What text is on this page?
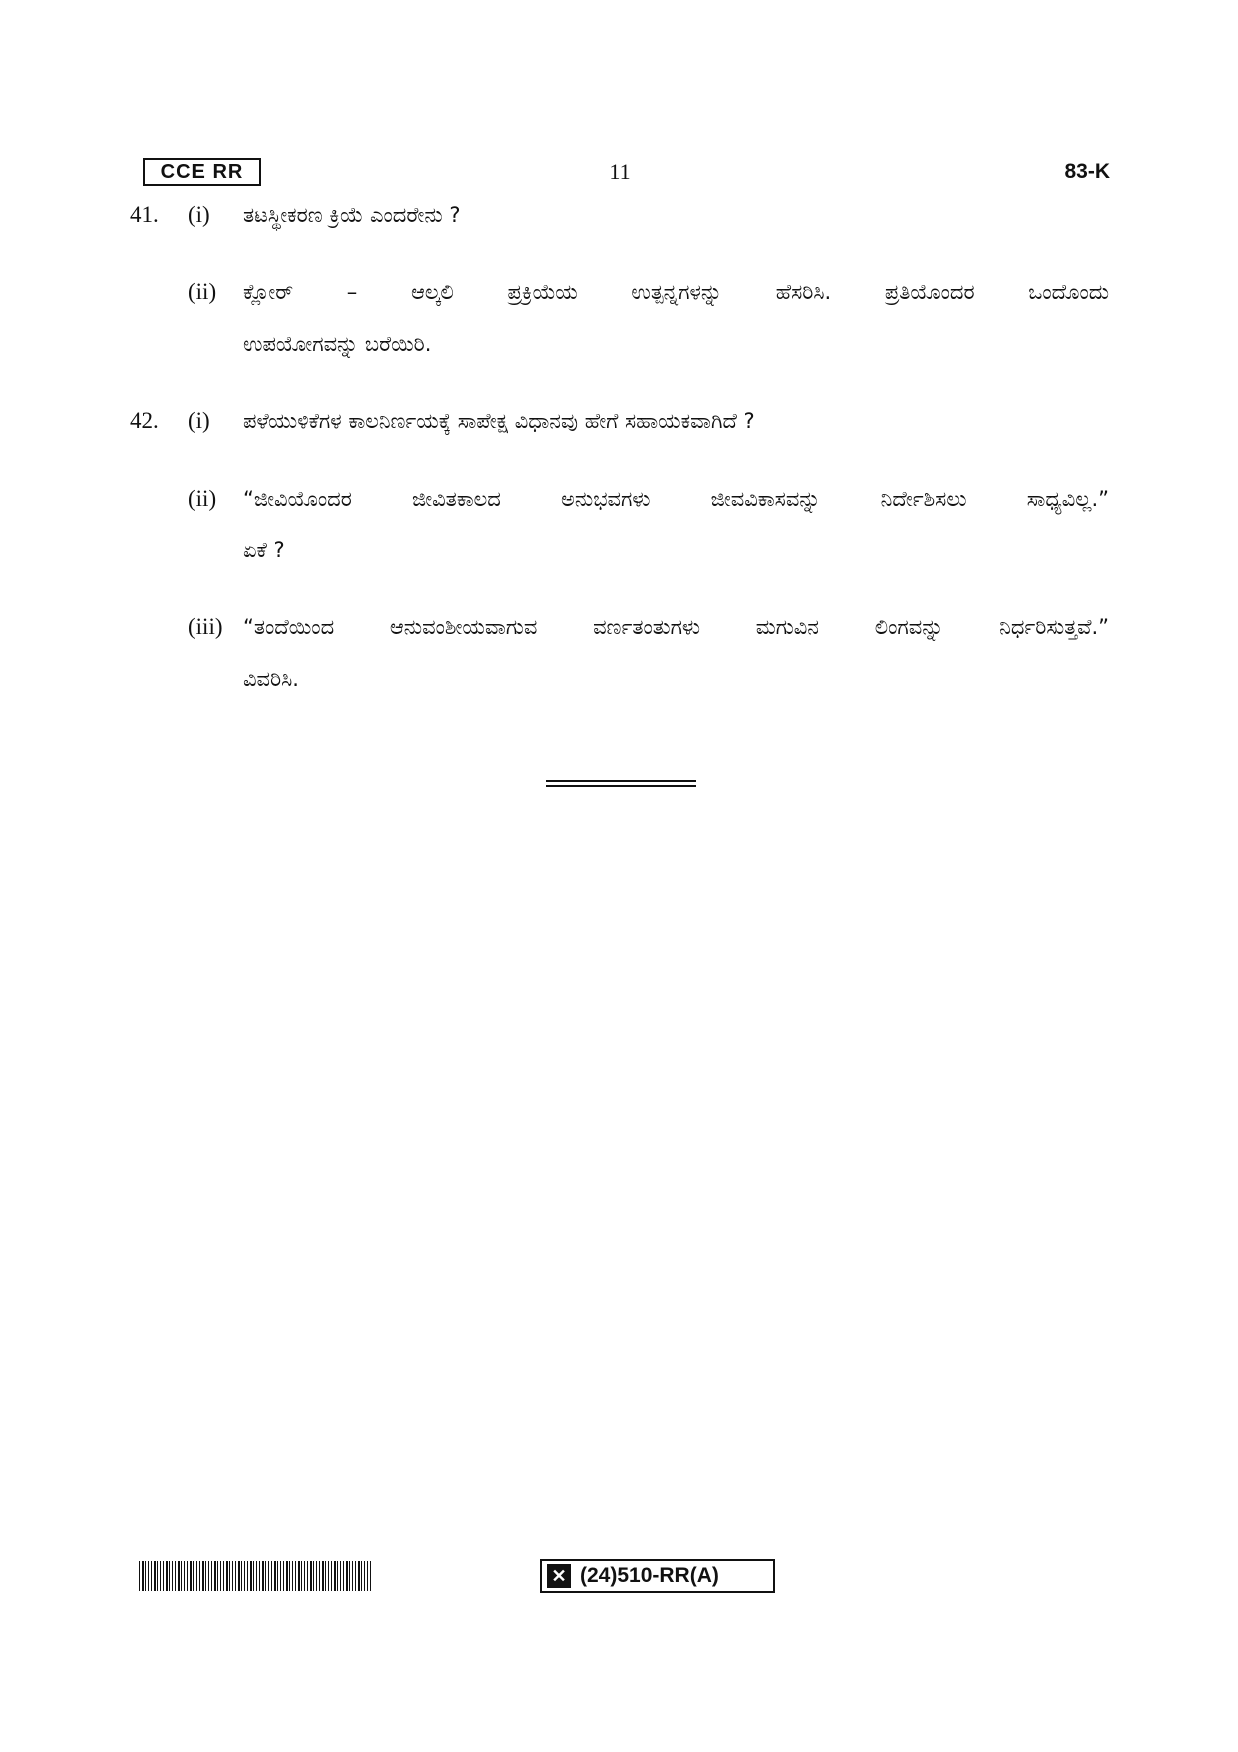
CCE RR	11	83-K
41. (i) ತಟಸ್ಥೀಕರಣ ಕ್ರಿಯೆ ಎಂದರೇನು ?
(ii) ಕ್ಲೋರ್ – ಆಲ್ಕಲಿ ಪ್ರಕ್ರಿಯೆಯ ಉತ್ಪನ್ನಗಳನ್ನು ಹೆಸರಿಸಿ. ಪ್ರತಿಯೊಂದರ ಒಂದೊಂದು
ಉಪಯೋಗವನ್ನು ಬರೆಯಿರಿ.
42. (i) ಪಳೆಯುಳಿಕೆಗಳ ಕಾಲನಿರ್ಣಯಕ್ಕೆ ಸಾಪೇಕ್ಷ ವಿಧಾನವು ಹೇಗೆ ಸಹಾಯಕವಾಗಿದೆ ?
(ii) “ಜೀವಿಯೊಂದರ ಜೀವಿತಕಾಲದ ಅನುಭವಗಳು ಜೀವವಿಕಾಸವನ್ನು ನಿರ್ದೇಶಿಸಲು ಸಾಧ್ಯವಿಲ್ಲ.”
ಏಕೆ ?
(iii) “ತಂದೆಯಿಂದ ಆನುವಂಶೀಯವಾಗುವ ವರ್ಣತಂತುಗಳು ಮಗುವಿನ ಲಿಂಗವನ್ನು ನಿರ್ಧರಿಸುತ್ತವೆ.”
ವಿವರಿಸಿ.
✕ (24)510-RR(A)
